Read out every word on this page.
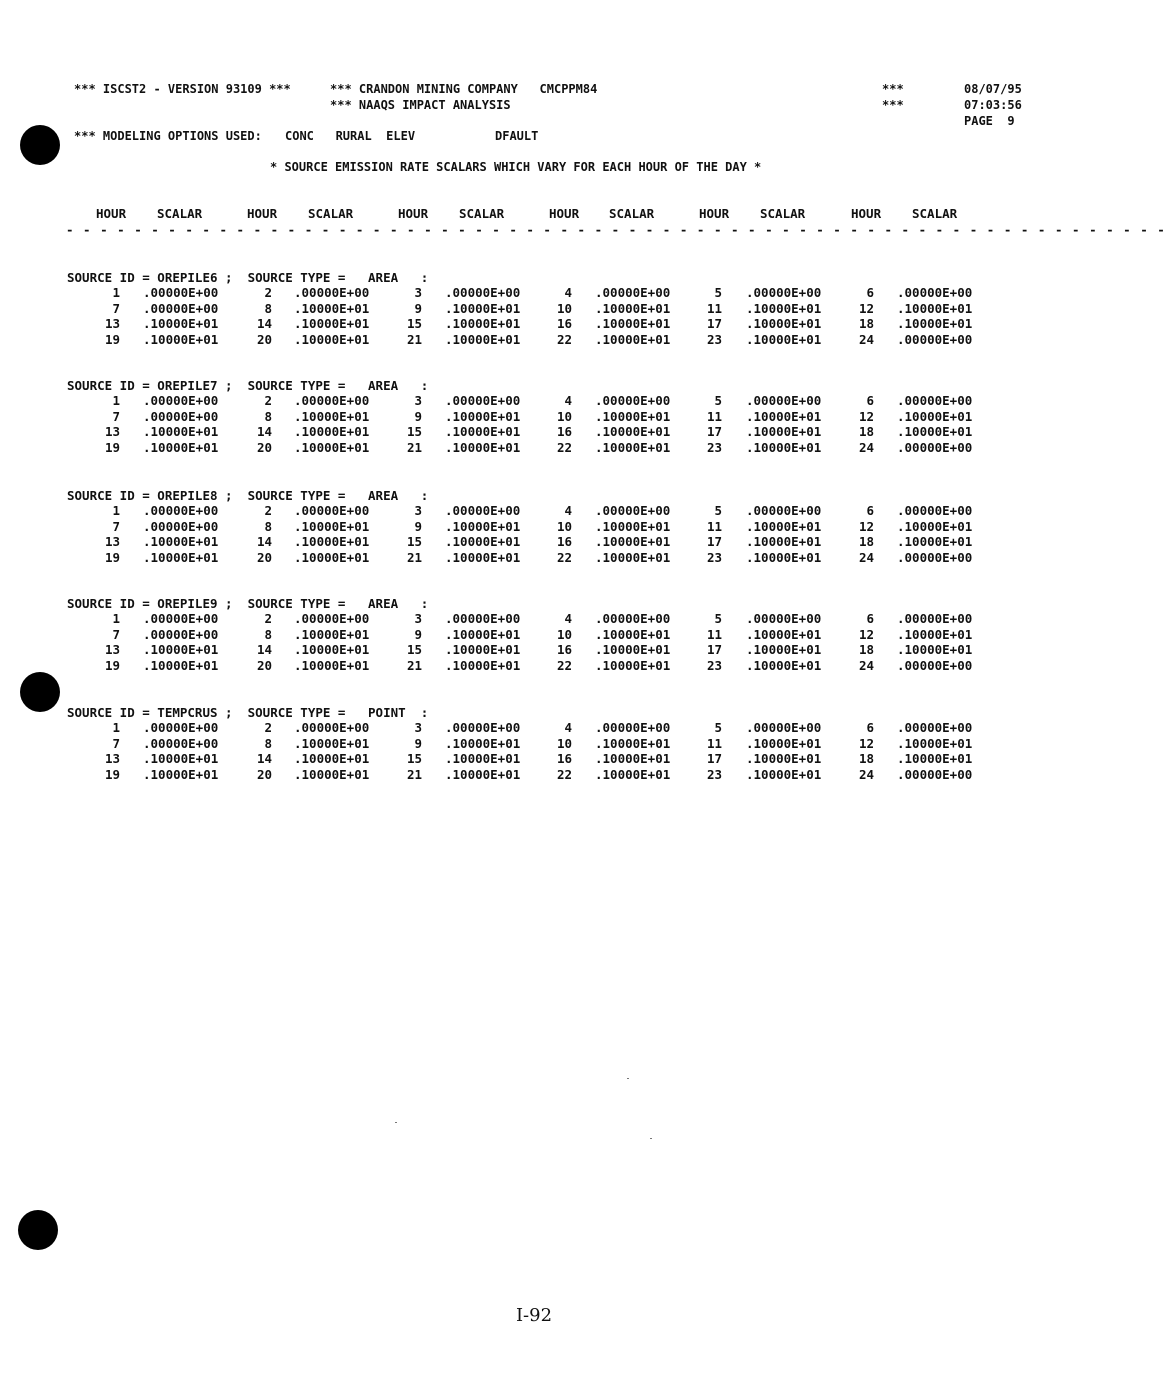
*** ISCST2 - VERSION 93109 ***	*** CRANDON MINING COMPANY   CMCPPM84
*** NAAQS IMPACT ANALYSIS
***
***
08/07/95
07:03:56
PAGE  9
*** MODELING OPTIONS USED: CONC   RURAL  ELEV	DFAULT
* SOURCE EMISSION RATE SCALARS WHICH VARY FOR EACH HOUR OF THE DAY *
HOUR SCALAR	HOUR SCALAR	HOUR SCALAR	HOUR SCALAR	HOUR SCALAR	HOUR SCALAR
- - - - - - - - - - - - - - - - - - - - - - - - - - - - - - - - - - - - - - - - - - - - - - - - - - - - - - - - - - - - - - - - -
SOURCE ID = OREPILE6 ;  SOURCE TYPE =   AREA   :
1 .00000E+00	2 .00000E+00	3 .00000E+00	4 .00000E+00	5 .00000E+00	6 .00000E+00
7 .00000E+00	8 .10000E+01	9 .10000E+01	10 .10000E+01	11 .10000E+01	12 .10000E+01
13 .10000E+01	14 .10000E+01	15 .10000E+01	16 .10000E+01	17 .10000E+01	18 .10000E+01
19 .10000E+01	20 .10000E+01	21 .10000E+01	22 .10000E+01	23 .10000E+01	24 .00000E+00
SOURCE ID = OREPILE7 ;  SOURCE TYPE =   AREA   :
1 .00000E+00	2 .00000E+00	3 .00000E+00	4 .00000E+00	5 .00000E+00	6 .00000E+00
7 .00000E+00	8 .10000E+01	9 .10000E+01	10 .10000E+01	11 .10000E+01	12 .10000E+01
13 .10000E+01	14 .10000E+01	15 .10000E+01	16 .10000E+01	17 .10000E+01	18 .10000E+01
19 .10000E+01	20 .10000E+01	21 .10000E+01	22 .10000E+01	23 .10000E+01	24 .00000E+00
SOURCE ID = OREPILE8 ;  SOURCE TYPE =   AREA   :
1 .00000E+00	2 .00000E+00	3 .00000E+00	4 .00000E+00	5 .00000E+00	6 .00000E+00
7 .00000E+00	8 .10000E+01	9 .10000E+01	10 .10000E+01	11 .10000E+01	12 .10000E+01
13 .10000E+01	14 .10000E+01	15 .10000E+01	16 .10000E+01	17 .10000E+01	18 .10000E+01
19 .10000E+01	20 .10000E+01	21 .10000E+01	22 .10000E+01	23 .10000E+01	24 .00000E+00
SOURCE ID = OREPILE9 ;  SOURCE TYPE =   AREA   :
1 .00000E+00	2 .00000E+00	3 .00000E+00	4 .00000E+00	5 .00000E+00	6 .00000E+00
7 .00000E+00	8 .10000E+01	9 .10000E+01	10 .10000E+01	11 .10000E+01	12 .10000E+01
13 .10000E+01	14 .10000E+01	15 .10000E+01	16 .10000E+01	17 .10000E+01	18 .10000E+01
19 .10000E+01	20 .10000E+01	21 .10000E+01	22 .10000E+01	23 .10000E+01	24 .00000E+00
SOURCE ID = TEMPCRUS ;  SOURCE TYPE =   POINT  :
1 .00000E+00	2 .00000E+00	3 .00000E+00	4 .00000E+00	5 .00000E+00	6 .00000E+00
7 .00000E+00	8 .10000E+01	9 .10000E+01	10 .10000E+01	11 .10000E+01	12 .10000E+01
13 .10000E+01	14 .10000E+01	15 .10000E+01	16 .10000E+01	17 .10000E+01	18 .10000E+01
19 .10000E+01	20 .10000E+01	21 .10000E+01	22 .10000E+01	23 .10000E+01	24 .00000E+00
I-92
